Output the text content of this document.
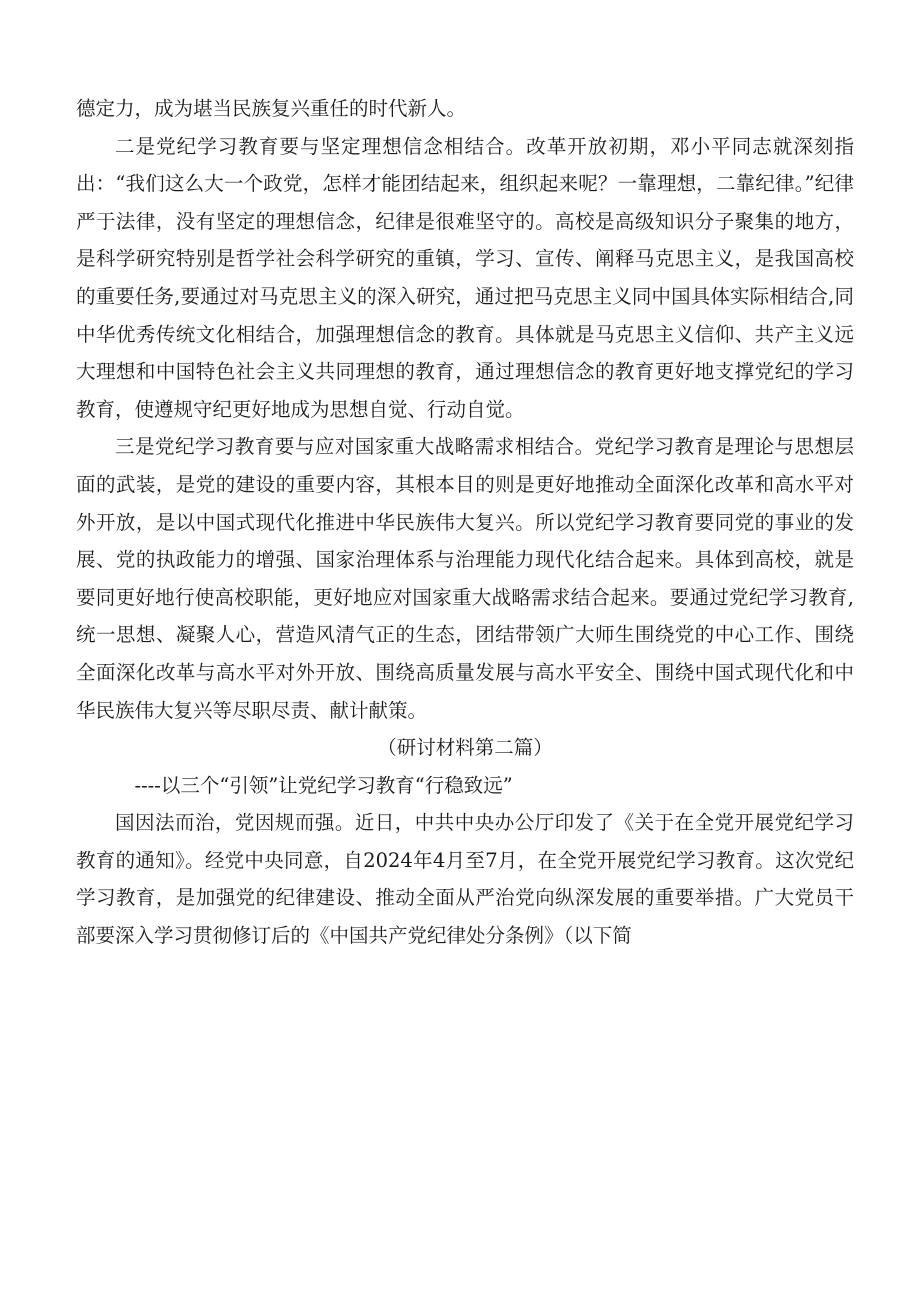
德定力，成为堪当民族复兴重任的时代新人。

二是党纪学习教育要与坚定理想信念相结合。改革开放初期，邓小平同志就深刻指出：“我们这么大一个政党，怎样才能团结起来，组织起来呢？一靠理想，二靠纪律。”纪律严于法律，没有坚定的理想信念，纪律是很难坚守的。高校是高级知识分子聚集的地方，是科学研究特别是哲学社会科学研究的重镇，学习、宣传、阐释马克思主义，是我国高校的重要任务,要通过对马克思主义的深入研究，通过把马克思主义同中国具体实际相结合,同中华优秀传统文化相结合，加强理想信念的教育。具体就是马克思主义信仰、共产主义远大理想和中国特色社会主义共同理想的教育，通过理想信念的教育更好地支撑党纪的学习教育，使遵规守纪更好地成为思想自觉、行动自觉。

三是党纪学习教育要与应对国家重大战略需求相结合。党纪学习教育是理论与思想层面的武装，是党的建设的重要内容，其根本目的则是更好地推动全面深化改革和高水平对外开放，是以中国式现代化推进中华民族伟大复兴。所以党纪学习教育要同党的事业的发展、党的执政能力的增强、国家治理体系与治理能力现代化结合起来。具体到高校，就是要同更好地行使高校职能，更好地应对国家重大战略需求结合起来。要通过党纪学习教育,统一思想、凝聚人心，营造风清气正的生态，团结带领广大师生围绕党的中心工作、围绕全面深化改革与高水平对外开放、围绕高质量发展与高水平安全、围绕中国式现代化和中华民族伟大复兴等尽职尽责、献计献策。

（研讨材料第二篇）

----以三个“引领”让党纪学习教育“行稳致远”

国因法而治，党因规而强。近日，中共中央办公厅印发了《关于在全党开展党纪学习教育的通知》。经党中央同意，自2024年4月至7月，在全党开展党纪学习教育。这次党纪学习教育，是加强党的纪律建设、推动全面从严治党向纵深发展的重要举措。广大党员干部要深入学习贯彻修订后的《中国共产党纪律处分条例》（以下简
